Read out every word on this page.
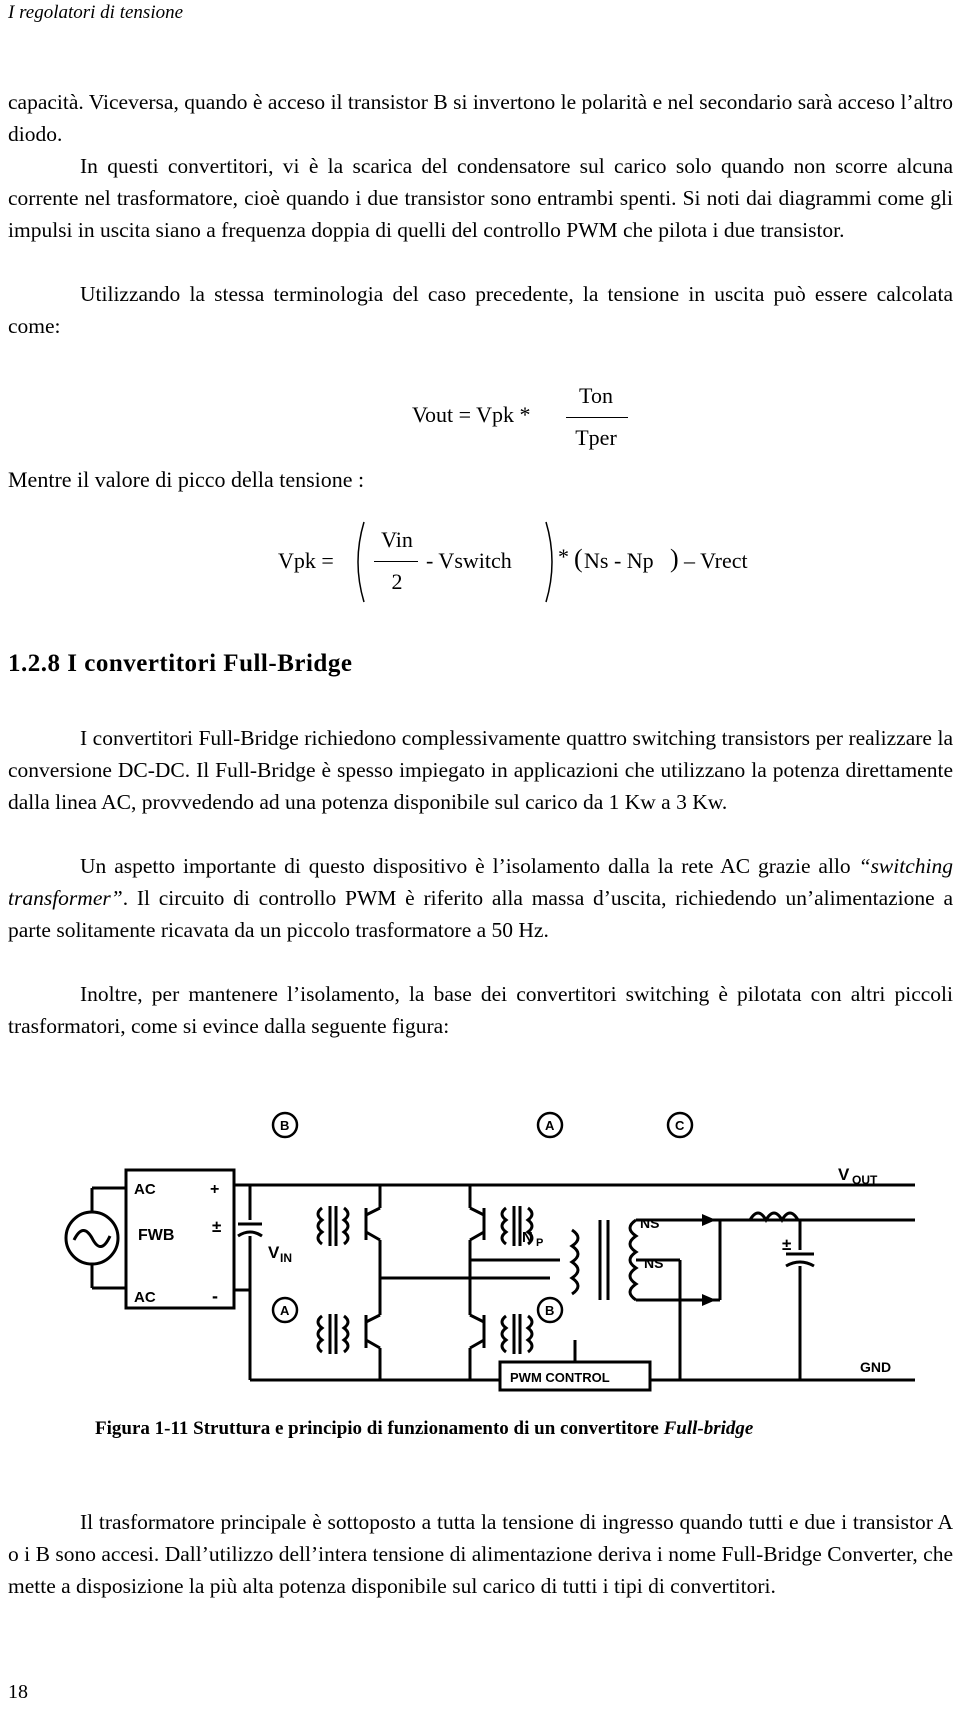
I regolatori di tensione

capacità. Viceversa, quando è acceso il transistor B si invertono le polarità e nel secondario sarà acceso l’altro diodo.

In questi convertitori, vi è la scarica del condensatore sul carico solo quando non scorre alcuna corrente nel trasformatore, cioè quando i due transistor sono entrambi spenti. Si noti dai diagrammi come gli impulsi in uscita siano a frequenza doppia di quelli del controllo PWM che pilota i due transistor.

Utilizzando la stessa terminologia del caso precedente, la tensione in uscita può essere calcolata come:

Vout = Vpk *
Ton
Tper

Mentre il valore di picco della tensione :

Vpk =
Vin
2
- Vswitch * ( Ns - Np ) – Vrect
1.2.8 I convertitori Full-Bridge

I convertitori Full-Bridge richiedono complessivamente quattro switching transistors per realizzare la conversione DC-DC. Il Full-Bridge è spesso impiegato in applicazioni che utilizzano la potenza direttamente dalla linea AC, provvedendo ad una potenza disponibile sul carico da 1 Kw a 3 Kw.

Un aspetto importante di questo dispositivo è l’isolamento dalla la rete AC grazie allo “switching transformer”. Il circuito di controllo PWM è riferito alla massa d’uscita, richiedendo un’alimentazione a parte solitamente ricavata da un piccolo trasformatore a 50 Hz.

Inoltre, per mantenere l’isolamento, la base dei convertitori switching è pilotata con altri piccoli trasformatori, come si evince dalla seguente figura:

AC
FWB
AC
+
-
±
V IN
B	A
A	B
C
N P
NS
NS
V OUT
±
PWM CONTROL
GND
Figura 1-11 Struttura e principio di funzionamento di un convertitore Full-bridge

Il trasformatore principale è sottoposto a tutta la tensione di ingresso quando tutti e due i transistor A o i B sono accesi. Dall’utilizzo dell’intera tensione di alimentazione deriva i nome Full-Bridge Converter, che mette a disposizione la più alta potenza disponibile sul carico di tutti i tipi di convertitori.

18
